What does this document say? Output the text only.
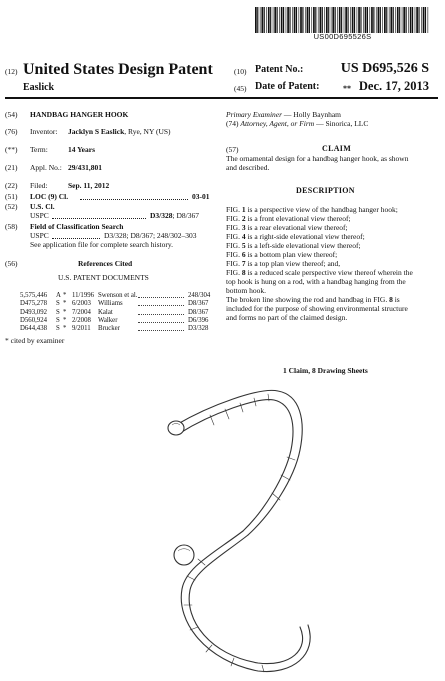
US00D695526S
(12) United States Design Patent
Easlick
(10) Patent No.:	US D695,526 S
(45) Date of Patent:	** Dec. 17, 2013
(54) HANDBAG HANGER HOOK
(76) Inventor: Jacklyn S Easlick, Rye, NY (US)
(**) Term:	14 Years
(21) Appl. No.: 29/431,801
(22) Filed:	Sep. 11, 2012
(51) LOC (9) Cl.	03-01
(52) U.S. Cl.
USPC	D3/328; D8/367
(58) Field of Classification Search
USPC	D3/328; D8/367; 248/302–303
See application file for complete search history.
(56)	References Cited
U.S. PATENT DOCUMENTS
5,575,446 A * 11/1996 Swenson et al.	248/304
D475,278 S * 6/2003 Williams	D8/367
D493,092 S * 7/2004 Kalat	D8/367
D560,924 S * 2/2008 Walker	D6/396
D644,438 S * 9/2011 Brucker	D3/328
* cited by examiner
Primary Examiner — Holly Baynham
(74) Attorney, Agent, or Firm — Sinorica, LLC
(57)	CLAIM
The ornamental design for a handbag hanger hook, as shown
and described.
DESCRIPTION
FIG. 1 is a perspective view of the handbag hanger hook;
FIG. 2 is a front elevational view thereof;
FIG. 3 is a rear elevational view thereof;
FIG. 4 is a right-side elevational view thereof;
FIG. 5 is a left-side elevational view thereof;
FIG. 6 is a bottom plan view thereof;
FIG. 7 is a top plan view thereof; and,
FIG. 8 is a reduced scale perspective view thereof wherein the
top hook is hung on a rod, with a handbag hanging from the
bottom hook.
The broken line showing the rod and handbag in FIG. 8 is
included for the purpose of showing environmental structure
and forms no part of the claimed design.
1 Claim, 8 Drawing Sheets
